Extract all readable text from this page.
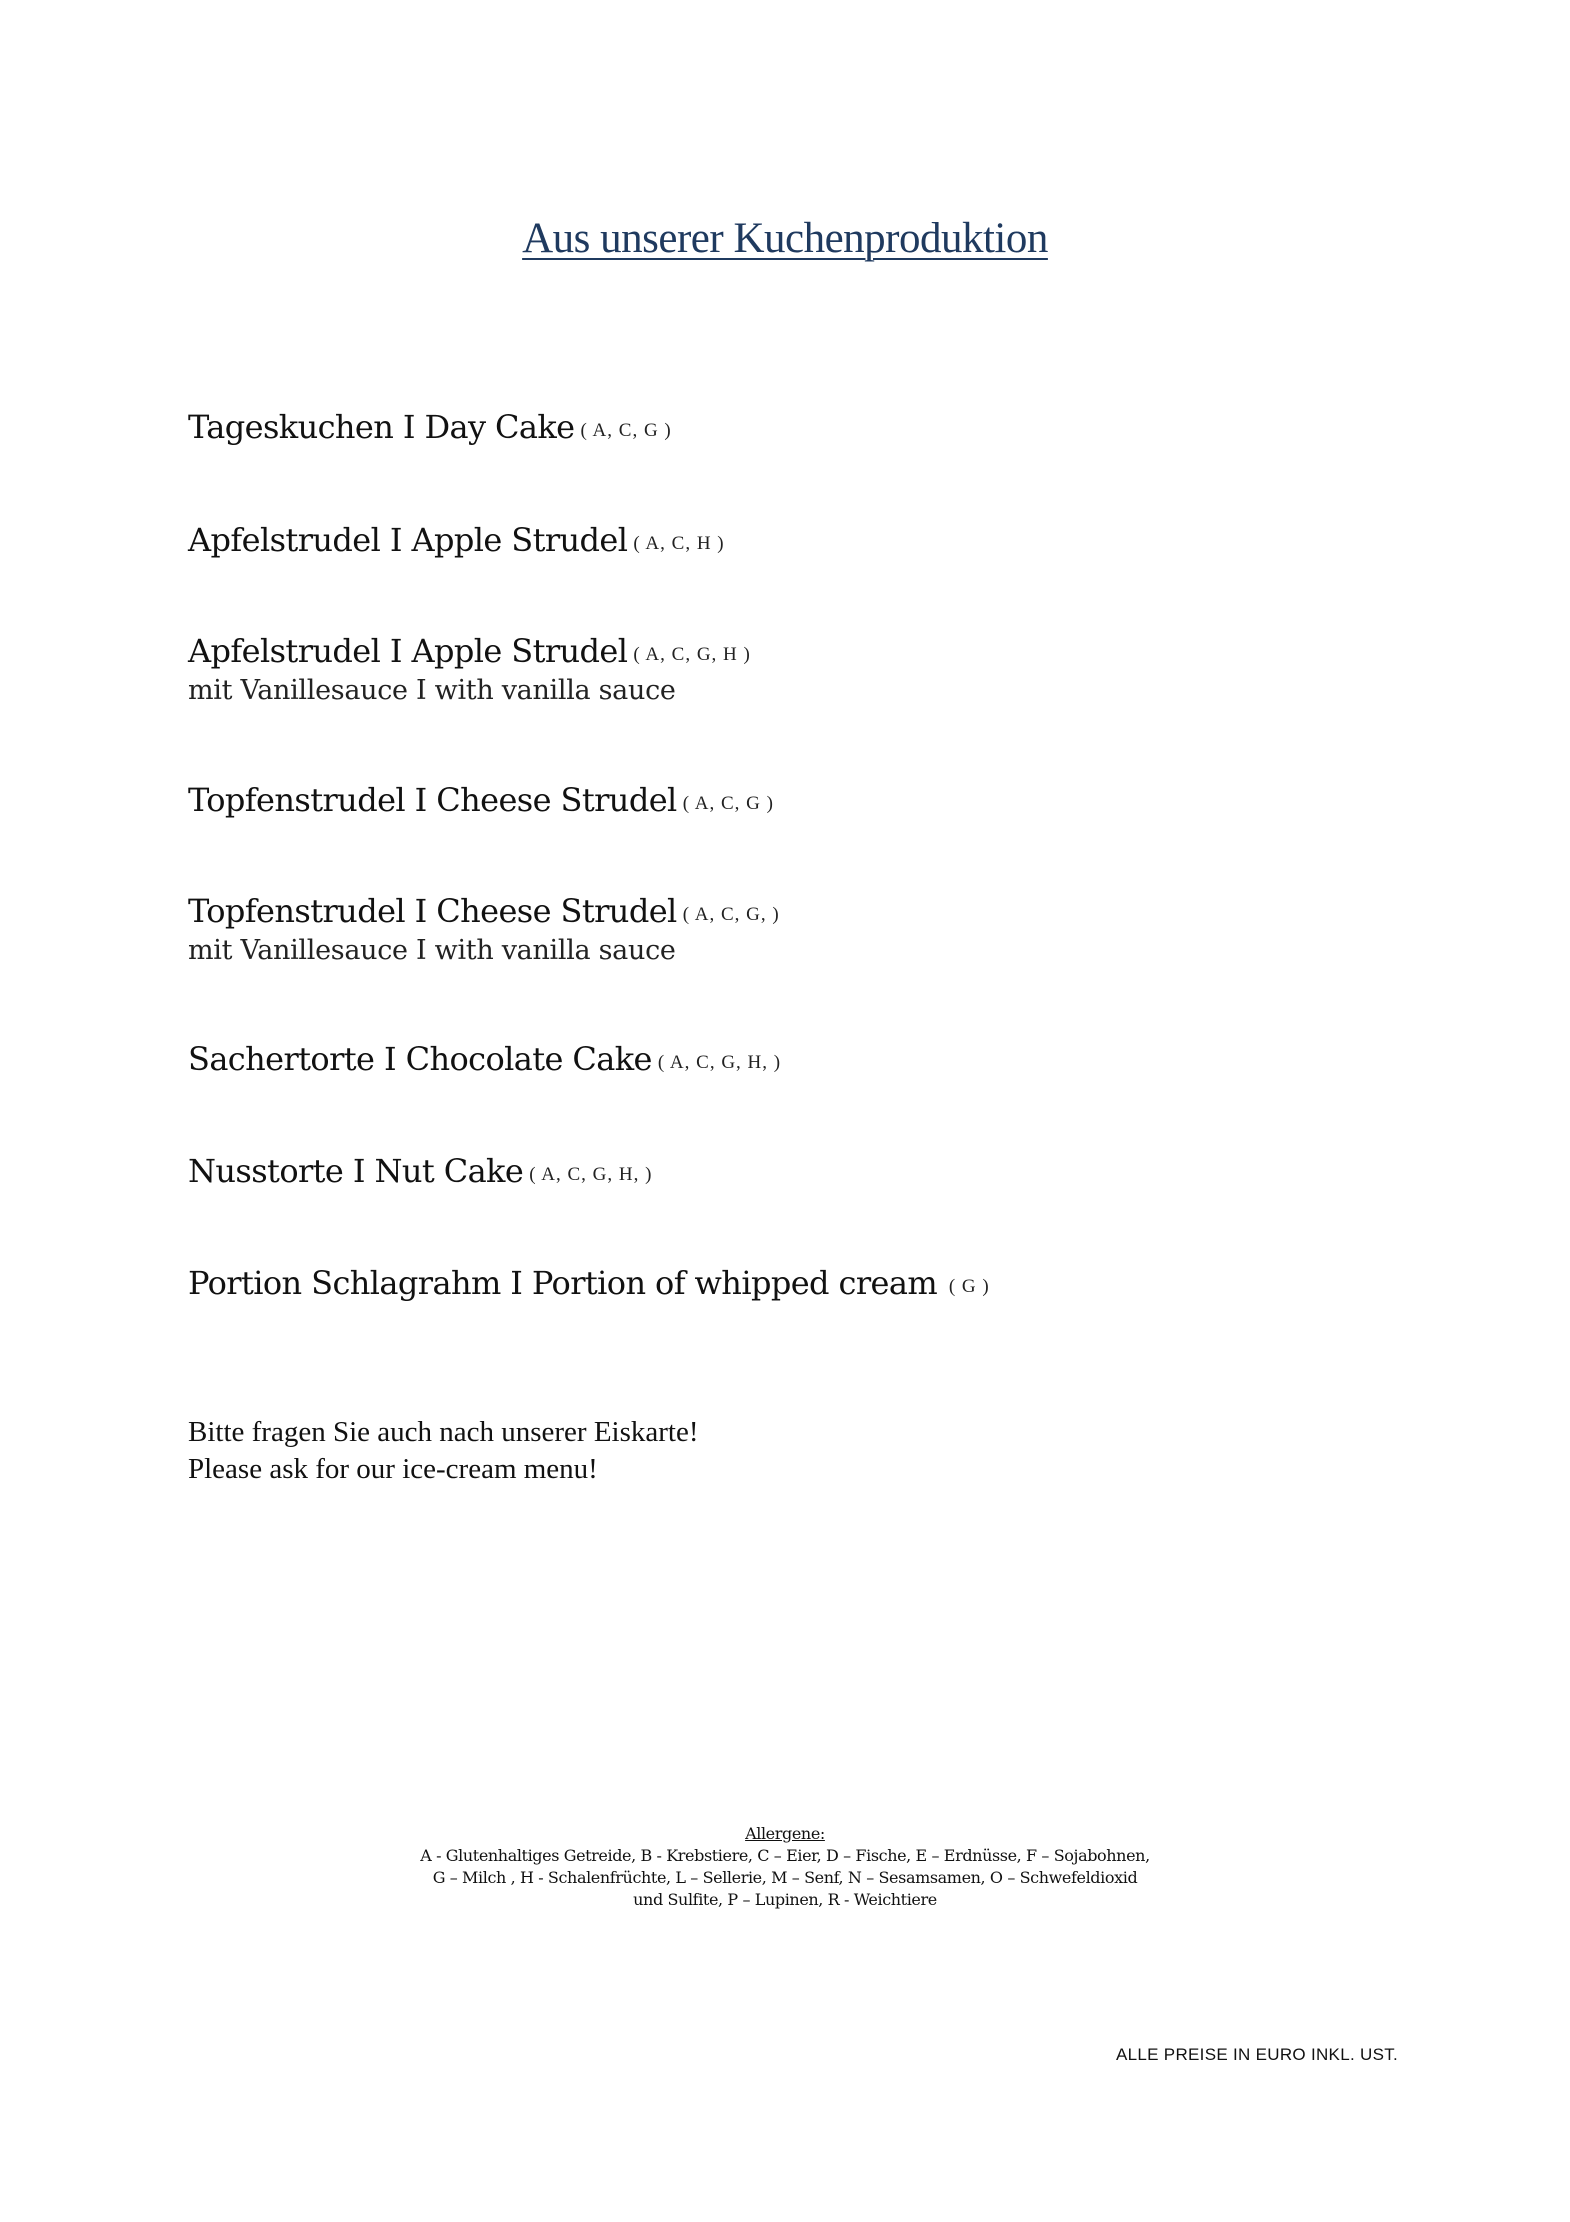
Aus unserer Kuchenproduktion
Tageskuchen I Day Cake ( A, C, G )
Apfelstrudel I Apple Strudel ( A, C, H )
Apfelstrudel I Apple Strudel ( A, C, G, H )
mit Vanillesauce I with vanilla sauce
Topfenstrudel I Cheese Strudel ( A, C, G )
Topfenstrudel I Cheese Strudel ( A, C, G, )
mit Vanillesauce I with vanilla sauce
Sachertorte I Chocolate Cake ( A, C, G, H, )
Nusstorte I Nut Cake ( A, C, G, H, )
Portion Schlagrahm I Portion of whipped cream ( G )
Bitte fragen Sie auch nach unserer Eiskarte!
Please ask for our ice-cream menu!
Allergene:
A - Glutenhaltiges Getreide, B - Krebstiere, C – Eier, D – Fische, E – Erdnüsse, F – Sojabohnen,
G – Milch , H - Schalenfrüchte, L – Sellerie, M – Senf, N – Sesamsamen, O – Schwefeldioxid
und Sulfite, P – Lupinen, R - Weichtiere
ALLE PREISE IN EURO INKL. UST.
